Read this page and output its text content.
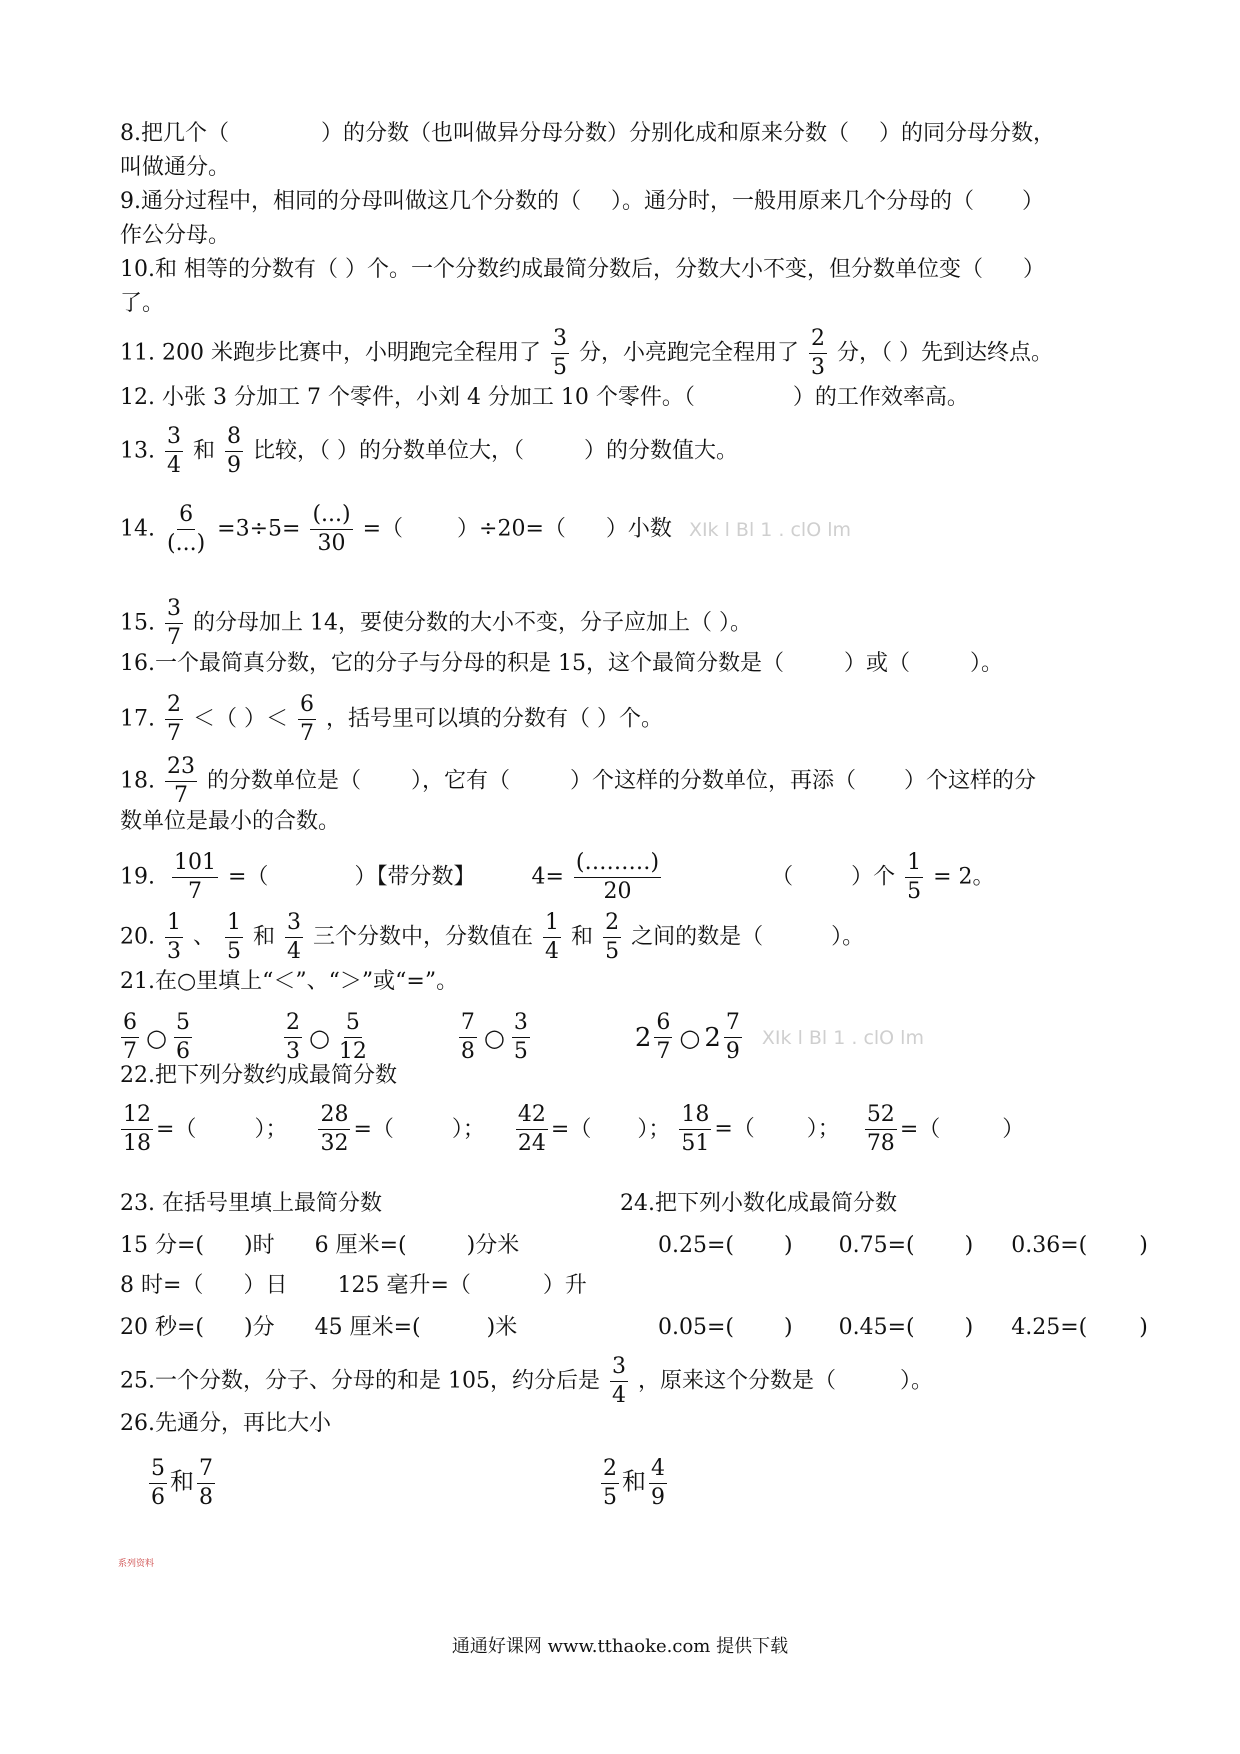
8.把几个（	）的分数（也叫做异分母分数）分别化成和原来分数（ ）的同分母分数，
叫做通分。
9.通分过程中，相同的分母叫做这几个分数的（ ）。通分时，一般用原来几个分母的（ ）
作公分母。
10.和 相等的分数有（ ）个。一个分数约成最简分数后，分数大小不变，但分数单位变（ ）
了。
11. 200 米跑步比赛中，小明跑完全程用了 $\frac{3}{5}$ 分，小亮跑完全程用了 $\frac{2}{3}$ 分，（ ）先到达终点。
12. 小张 3 分加工 7 个零件，小刘 4 分加工 10 个零件。（	）的工作效率高。
13. $\frac{3}{4}$ 和 $\frac{8}{9}$ 比较，（ ）的分数单位大，（	）的分数值大。
14. $\frac{6}{(...)} =3\div 5= \frac{(...)}{30}$ =（ ）÷20=（ ）小数 XIk l Bl 1 . clO lm
15. $\frac{3}{7}$ 的分母加上 14，要使分数的大小不变，分子应加上（ ）。
16.一个最简真分数，它的分子与分母的积是 15，这个最简分数是（	）或（	）。
17. $\frac{2}{7}$ ＜（ ）＜ $\frac{6}{7}$ ，括号里可以填的分数有（ ）个。
18. $\frac{23}{7}$ 的分数单位是（ ），它有（	）个这样的分数单位，再添（ ）个这样的分
数单位是最小的合数。
19. $\frac{101}{7}$ =（	）【带分数】	$4= \frac{(\dots\dots\dots)}{20}$	（	）个 $\frac{1}{5} = 2$。
20. $\frac{1}{3}$ 、 $\frac{1}{5}$ 和 $\frac{3}{4}$ 三个分数中，分数值在 $\frac{1}{4}$ 和 $\frac{2}{5}$ 之间的数是（	）。
21.在○里填上“＜”、“＞”或“=”。
$\frac{6}{7}$ ○ $\frac{5}{6}$
	$\frac{2}{3}$ ○ $\frac{5}{12}$
	$\frac{7}{8}$ ○ $\frac{3}{5}$	$2 \frac{6}{7}$ ○ $2 \frac{7}{9}$ XIk l Bl 1 . clO lm
22.把下列分数约成最简分数
$\frac{12}{18}$ =（	）； $\frac{28}{32}$ =（	）； $\frac{42}{24}$ =（ ）； $\frac{18}{51}$ =（ ）； $\frac{52}{78}$ =（	）
23. 在括号里填上最简分数	24.把下列小数化成最简分数
15 分=( )时 6 厘米=(	)分米	0.25=( ) 0.75=( ) 0.36=( )
8 时=（ ）日 125 毫升=（	）升
20 秒=( )分 45 厘米=(	)米	0.05=( ) 0.45=( ) 4.25=( )
25.一个分数，分子、分母的和是 105，约分后是 $\frac{3}{4}$ ，原来这个分数是（	）。
26.先通分，再比大小
$\frac{5}{6}$ 和 $\frac{7}{8}$	$\frac{2}{5}$ 和 $\frac{4}{9}$
系列资料
通通好课网 www.tthaoke.com 提供下载
